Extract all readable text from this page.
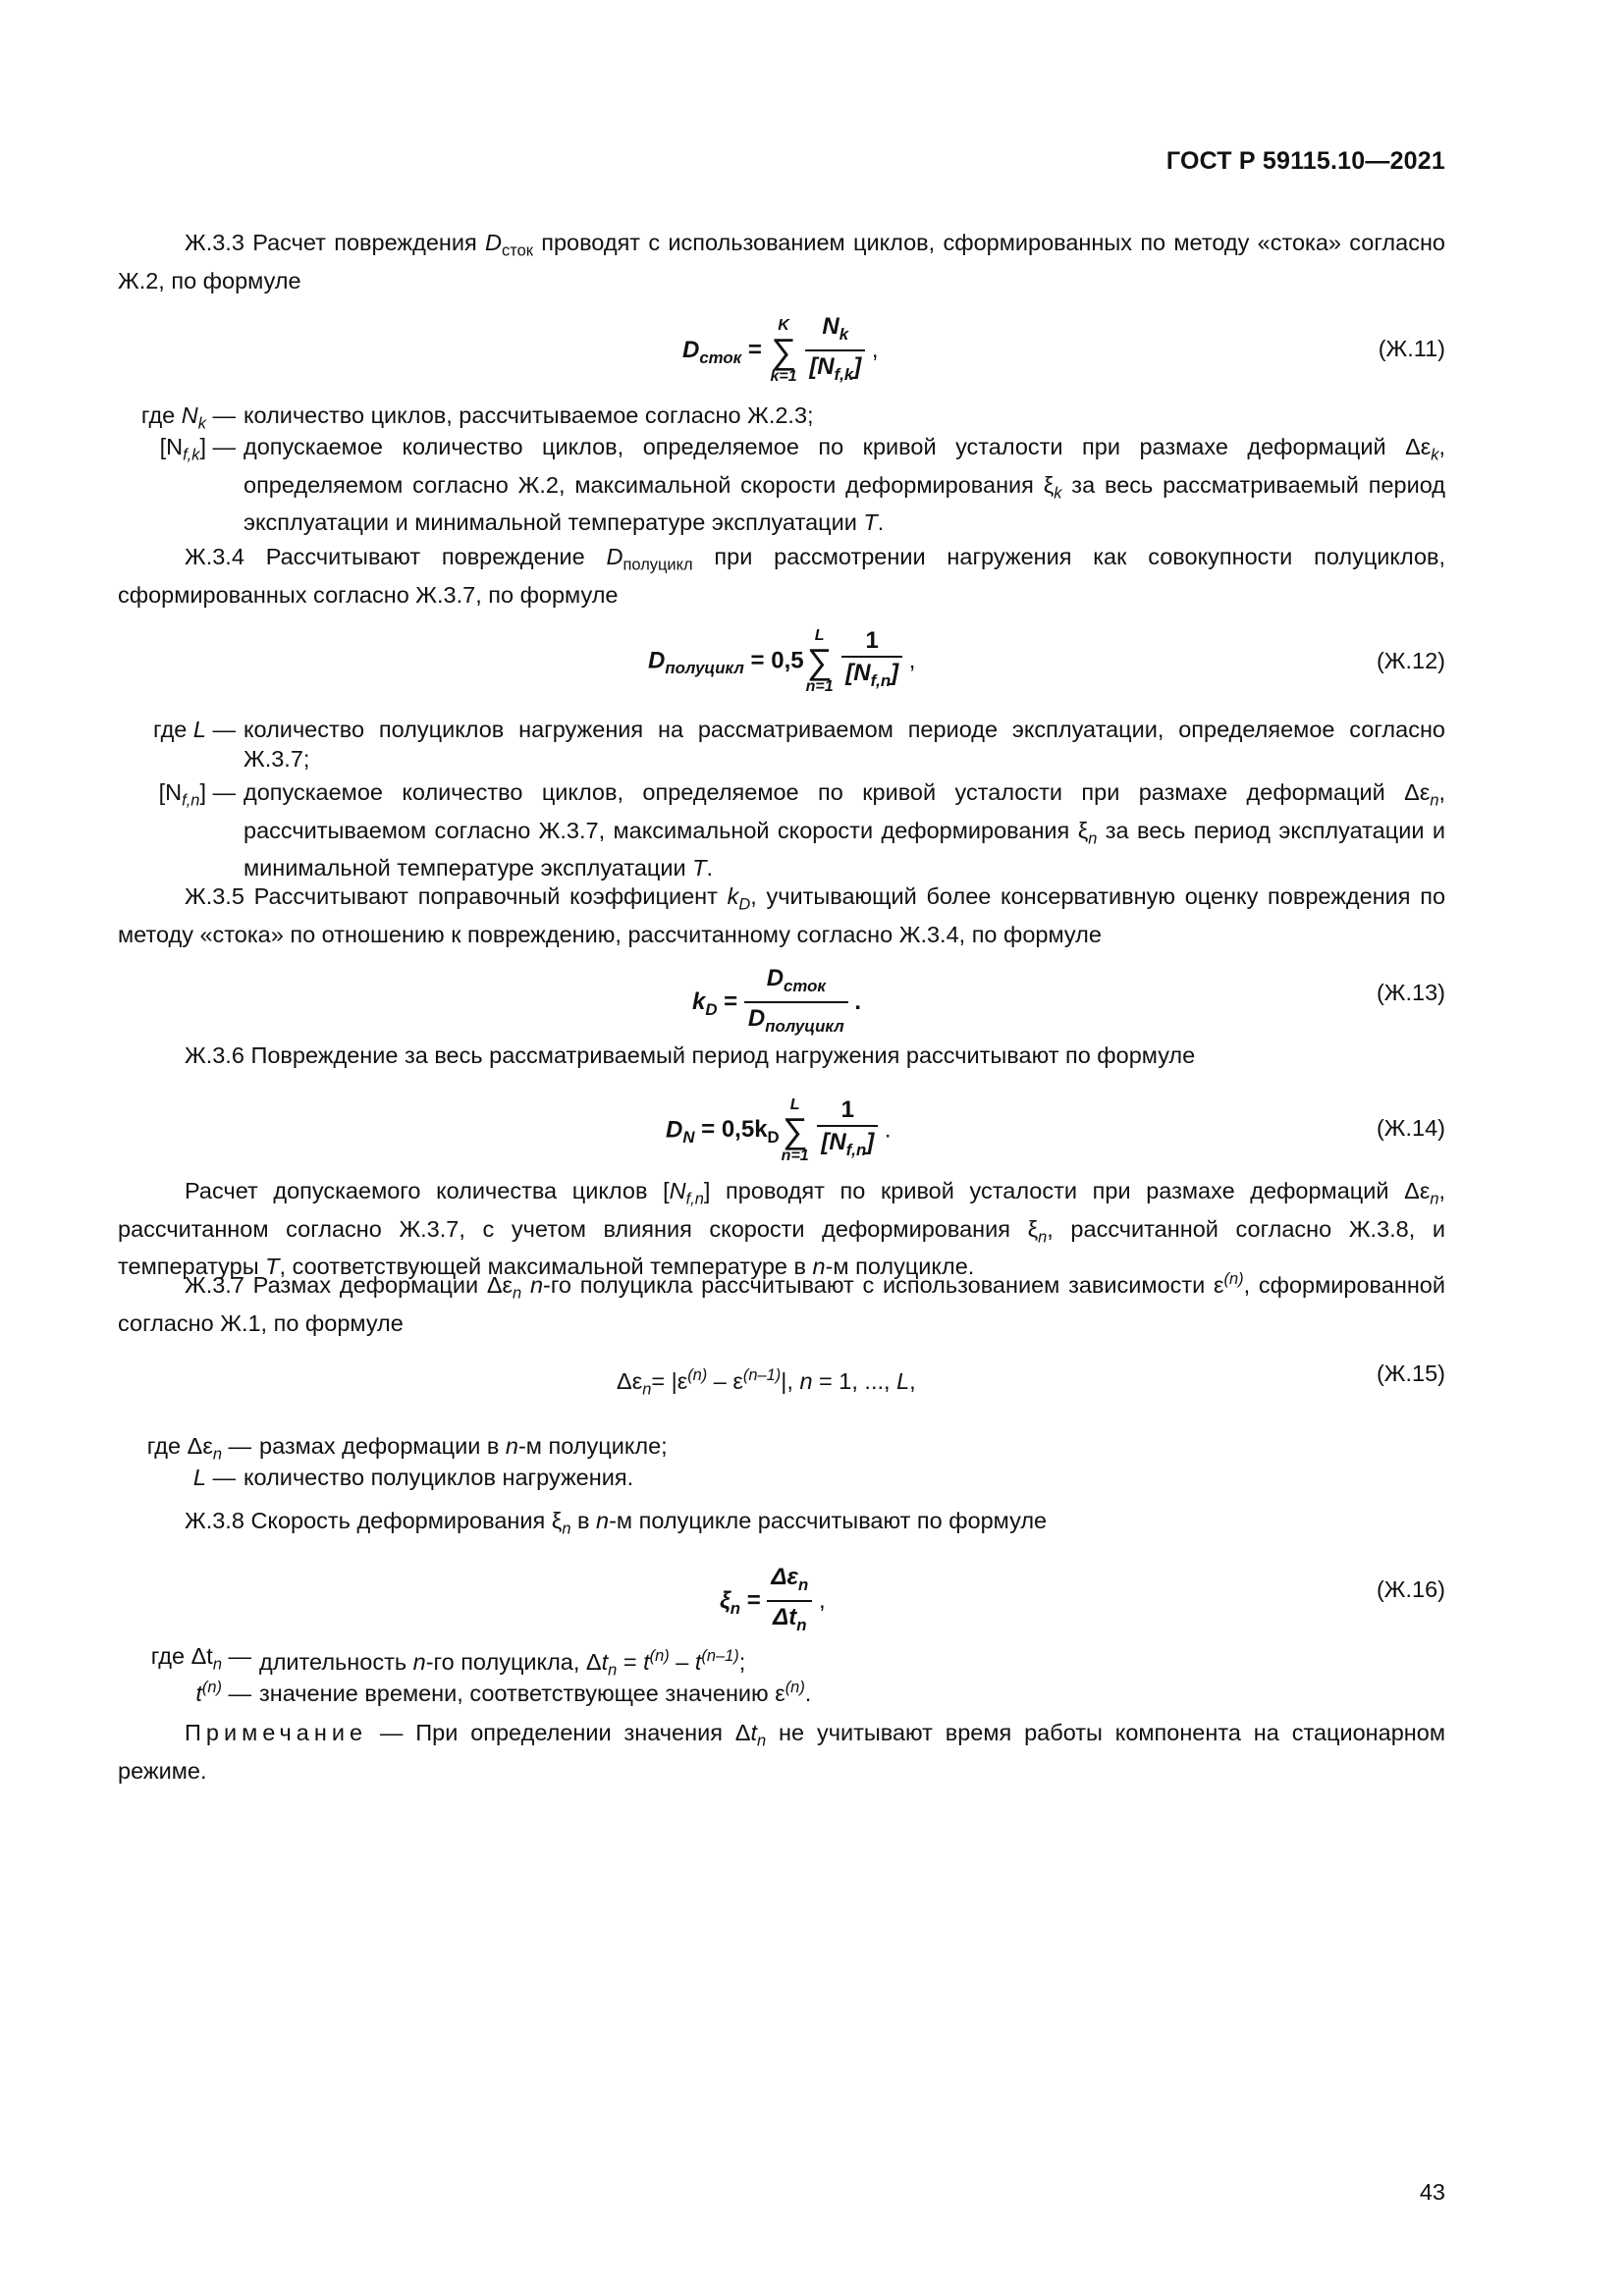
ГОСТ Р 59115.10—2021
Ж.3.3 Расчет повреждения $D_{сток}$ проводят с использованием циклов, сформированных по методу «стока» согласно Ж.2, по формуле
$D_{сток}$ =
K
∑
k=1
$\frac{N_k}{[N_{f,k}]}$ ,	(Ж.11)
где $N_k$ — количество циклов, рассчитываемое согласно Ж.2.3;
$[N_{f,k}]$ — допускаемое количество циклов, определяемое по кривой усталости при размахе деформаций $\Delta\varepsilon_k$, определяемом согласно Ж.2, максимальной скорости деформирования $\xi_k$ за весь рассматриваемый период эксплуатации и минимальной температуре эксплуатации T.
Ж.3.4 Рассчитывают повреждение $D_{полуцикл}$ при рассмотрении нагружения как совокупности полуциклов, сформированных согласно Ж.3.7, по формуле
$D_{полуцикл} = 0,5$
L
∑
n=1
$\frac{1}{[N_{f,n}]}$ ,	(Ж.12)
где L — количество полуциклов нагружения на рассматриваемом периоде эксплуатации, определяемое согласно Ж.3.7;
$[N_{f,n}]$ — допускаемое количество циклов, определяемое по кривой усталости при размахе деформаций $\Delta\varepsilon_n$, рассчитываемом согласно Ж.3.7, максимальной скорости деформирования $\xi_n$ за весь период эксплуатации и минимальной температуре эксплуатации T.
Ж.3.5 Рассчитывают поправочный коэффициент $k_D$, учитывающий более консервативную оценку повреждения по методу «стока» по отношению к повреждению, рассчитанному согласно Ж.3.4, по формуле
$k_D = \frac{D_{сток}}{D_{полуцикл}}$ .	(Ж.13)
Ж.3.6 Повреждение за весь рассматриваемый период нагружения рассчитывают по формуле
$D_N = 0,5k_D$
L
∑
n=1
$\frac{1}{[N_{f,n}]}$ .	(Ж.14)
Расчет допускаемого количества циклов $[N_{f,n}]$ проводят по кривой усталости при размахе деформаций $\Delta\varepsilon_n$, рассчитанном согласно Ж.3.7, с учетом влияния скорости деформирования $\xi_n$, рассчитанной согласно Ж.3.8, и температуры T, соответствующей максимальной температуре в n-м полуцикле.
Ж.3.7 Размах деформации $\Delta\varepsilon_n$ n-го полуцикла рассчитывают с использованием зависимости $\varepsilon^{(n)}$, сформированной согласно Ж.1, по формуле
$\Delta\varepsilon_n= |\varepsilon^{(n)} - \varepsilon^{(n-1)}|$, n = 1, ..., L,	(Ж.15)
где $\Delta\varepsilon_n$ — размах деформации в n-м полуцикле;
L — количество полуциклов нагружения.
Ж.3.8 Скорость деформирования $\xi_n$ в n-м полуцикле рассчитывают по формуле
$\xi_n = \frac{\Delta\varepsilon_n}{\Delta t_n}$ ,	(Ж.16)
где $\Delta t_n$ — длительность n-го полуцикла, $\Delta t_n = t^{(n)} - t^{(n-1)}$;
$t^{(n)}$ — значение времени, соответствующее значению $\varepsilon^{(n)}$.
Примечание — При определении значения $\Delta t_n$ не учитывают время работы компонента на стационарном режиме.
43
